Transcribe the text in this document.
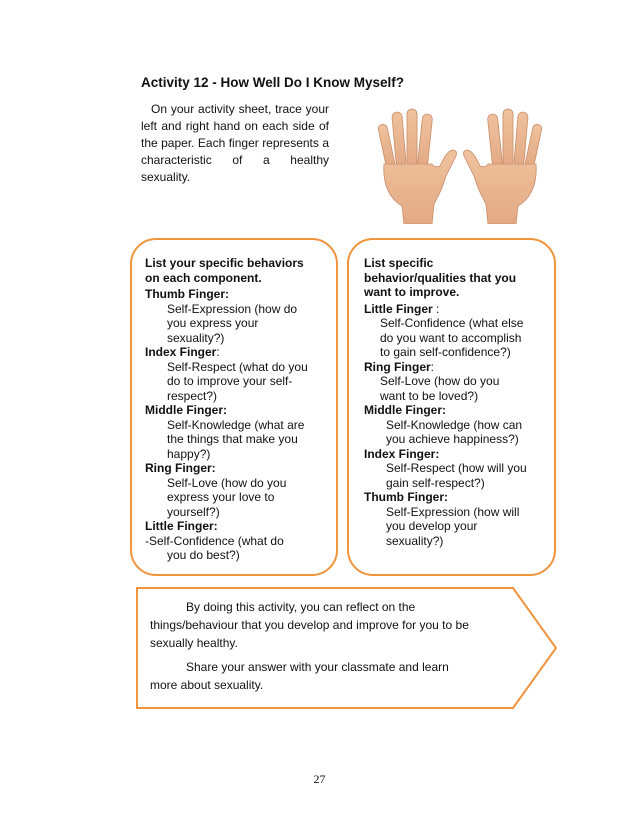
Activity 12 - How Well Do I Know Myself?
On your activity sheet, trace your left and right hand on each side of the paper. Each finger represents a characteristic of a healthy sexuality.
List your specific behaviors
on each component.
Thumb Finger:
Self-Expression (how do
you express your
sexuality?)
Index Finger:
Self-Respect (what do you
do to improve your self-
respect?)
Middle Finger:
Self-Knowledge (what are
the things that make you
happy?)
Ring Finger:
Self-Love (how do you
express your love to
yourself?)
Little Finger:
-Self-Confidence (what do
you do best?)
List specific
behavior/qualities that you
want to improve.
Little Finger :
Self-Confidence (what else
do you want to accomplish
to gain self-confidence?)
Ring Finger:
Self-Love (how do you
want to be loved?)
Middle Finger:
Self-Knowledge (how can
you achieve happiness?)
Index Finger:
Self-Respect (how will you
gain self-respect?)
Thumb Finger:
Self-Expression (how will
you develop your
sexuality?)

By doing this activity, you can reflect on the

things/behaviour that you develop and improve for you to be

sexually healthy.

Share your answer with your classmate and learn

more about sexuality.

27
